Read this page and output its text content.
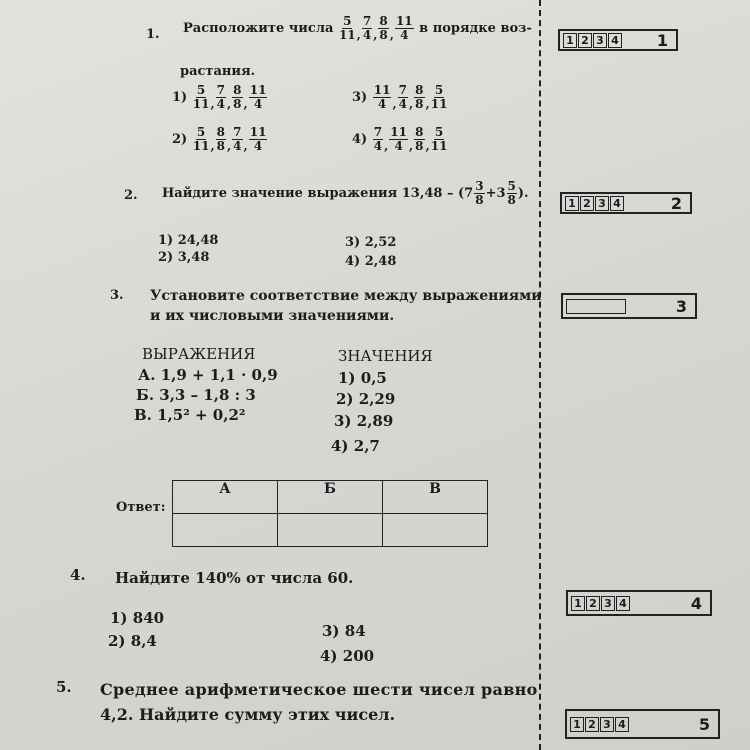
1. Расположите числа
$\frac{5}{11}$ , $\frac{7}{4}$ , $\frac{8}{8}$ , $\frac{11}{4}$
в порядке воз-
растания.
1)
$\frac{5}{11}$ , $\frac{7}{4}$ , $\frac{8}{8}$ , $\frac{11}{4}$
2)
$\frac{5}{11}$ , $\frac{8}{8}$ , $\frac{7}{4}$ , $\frac{11}{4}$
3)
$\frac{11}{4}$ , $\frac{7}{4}$ , $\frac{8}{8}$ , $\frac{5}{11}$
4)
$\frac{7}{4}$ , $\frac{11}{4}$ , $\frac{8}{8}$ , $\frac{5}{11}$
2. Найдите значение выражения $13,48 - (7 \frac{3}{8} +3 \frac{5}{8}$ ).
1) 24,48
2) 3,48
3) 2,52
4) 2,48
3. Установите соответствие между выражениями
и их числовыми значениями.
ВЫРАЖЕНИЯ
А. 1,9 + 1,1 · 0,9
Б. 3,3 – 1,8 : 3
В. 1,5² + 0,2²
ЗНАЧЕНИЯ
1) 0,5
2) 2,29
3) 2,89
4) 2,7
Ответ:
А	Б	В

4. Найдите 140% от числа 60.
1) 840
2) 8,4
3) 84
4) 200
5. Среднее арифметическое шести чисел равно
4,2. Найдите сумму этих чисел.
1 2 3 4 1
1 2 3 4	2
3
1 2 3 4	4
1 2 3 4	5
